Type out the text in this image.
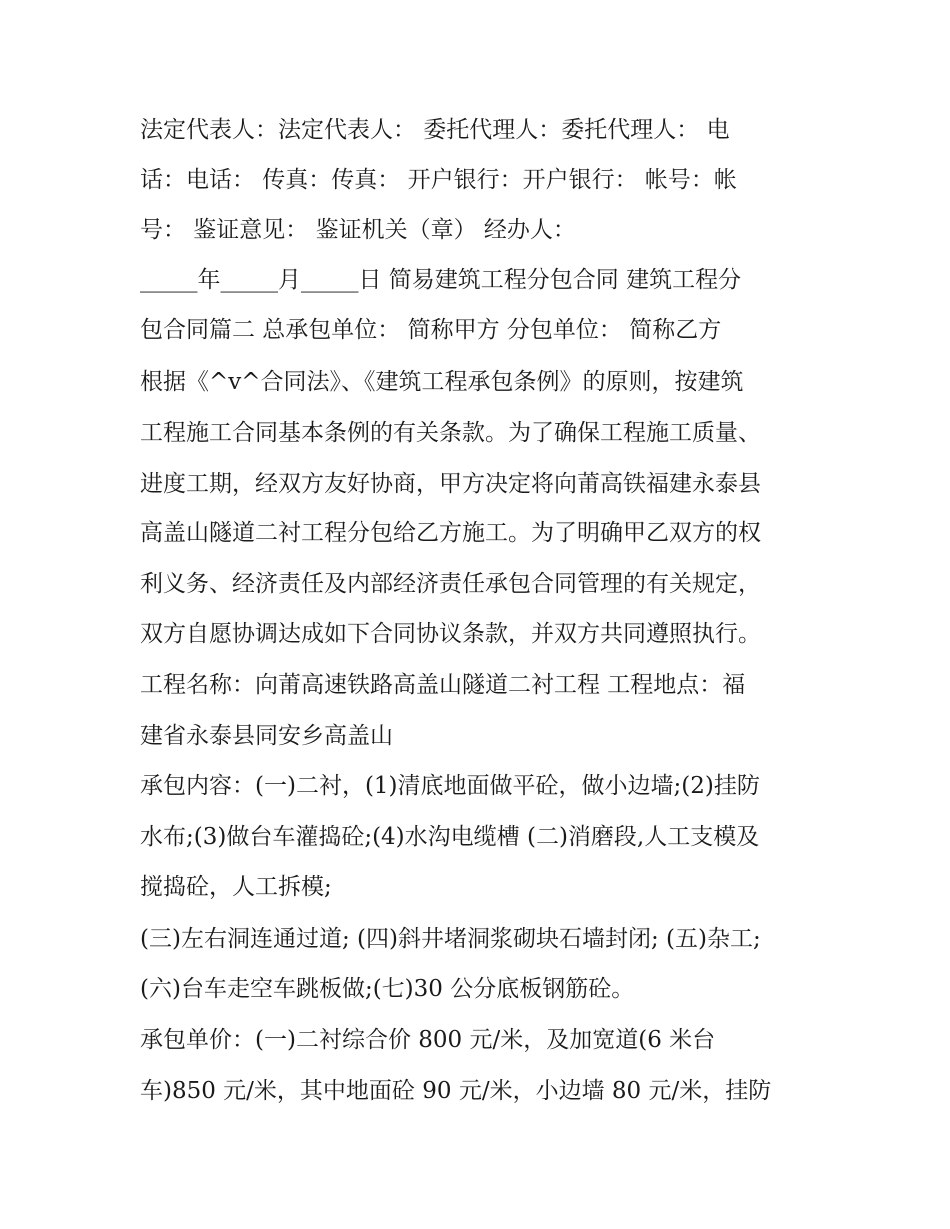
法定代表人：法定代表人： 委托代理人：委托代理人： 电
话：电话： 传真：传真： 开户银行：开户银行： 帐号：帐
号： 鉴证意见： 鉴证机关（章） 经办人：
_____年_____月_____日 简易建筑工程分包合同 建筑工程分
包合同篇二 总承包单位： 简称甲方 分包单位： 简称乙方
根据《^v^合同法》、《建筑工程承包条例》的原则，按建筑
工程施工合同基本条例的有关条款。为了确保工程施工质量、
进度工期，经双方友好协商，甲方决定将向莆高铁福建永泰县
高盖山隧道二衬工程分包给乙方施工。为了明确甲乙双方的权
利义务、经济责任及内部经济责任承包合同管理的有关规定，
双方自愿协调达成如下合同协议条款，并双方共同遵照执行。
工程名称：向莆高速铁路高盖山隧道二衬工程 工程地点：福
建省永泰县同安乡高盖山
承包内容：(一)二衬，(1)清底地面做平砼，做小边墙;(2)挂防
水布;(3)做台车灌捣砼;(4)水沟电缆槽 (二)消磨段,人工支模及
搅捣砼，人工拆模;
(三)左右洞连通过道; (四)斜井堵洞浆砌块石墙封闭; (五)杂工;
(六)台车走空车跳板做;(七)30 公分底板钢筋砼。
承包单价：(一)二衬综合价 800 元/米，及加宽道(6 米台
车)850 元/米，其中地面砼 90 元/米，小边墙 80 元/米，挂防
